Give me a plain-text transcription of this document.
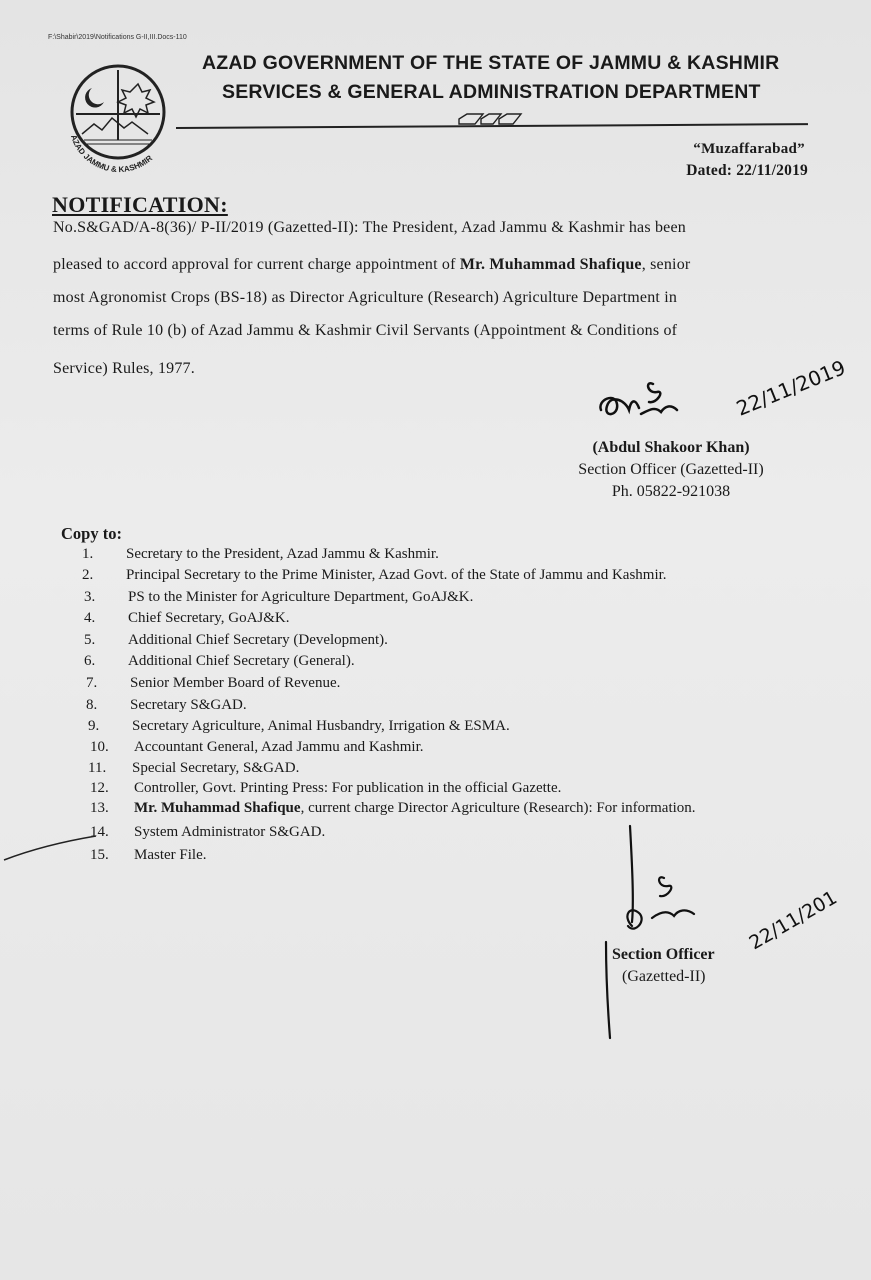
F:\Shabir\2019\Notifications G-II,III.Docs-110
AZAD JAMMU & KASHMIR
AZAD GOVERNMENT OF THE STATE OF JAMMU & KASHMIR
SERVICES & GENERAL ADMINISTRATION DEPARTMENT
“Muzaffarabad”
Dated: 22/11/2019
NOTIFICATION:
No.S&GAD/A-8(36)/ P-II/2019 (Gazetted-II): The President, Azad Jammu & Kashmir has been
pleased to accord approval for current charge appointment of Mr. Muhammad Shafique, senior
most Agronomist Crops (BS-18) as Director Agriculture (Research) Agriculture Department in
terms of Rule 10 (b) of Azad Jammu & Kashmir Civil Servants (Appointment & Conditions of
Service) Rules, 1977.	22/11/2019
(Abdul Shakoor Khan)
Section Officer (Gazetted-II)
Ph. 05822-921038
Copy to:
1. Secretary to the President, Azad Jammu & Kashmir.
2. Principal Secretary to the Prime Minister, Azad Govt. of the State of Jammu and Kashmir.
3. PS to the Minister for Agriculture Department, GoAJ&K.
4. Chief Secretary, GoAJ&K.
5. Additional Chief Secretary (Development).
6. Additional Chief Secretary (General).
7. Senior Member Board of Revenue.
8. Secretary S&GAD.
9. Secretary Agriculture, Animal Husbandry, Irrigation & ESMA.
10. Accountant General, Azad Jammu and Kashmir.
11. Special Secretary, S&GAD.
12. Controller, Govt. Printing Press: For publication in the official Gazette.
13. Mr. Muhammad Shafique, current charge Director Agriculture (Research): For information.
14. System Administrator S&GAD.
15. Master File.
22/11/201
Section Officer
(Gazetted-II)
